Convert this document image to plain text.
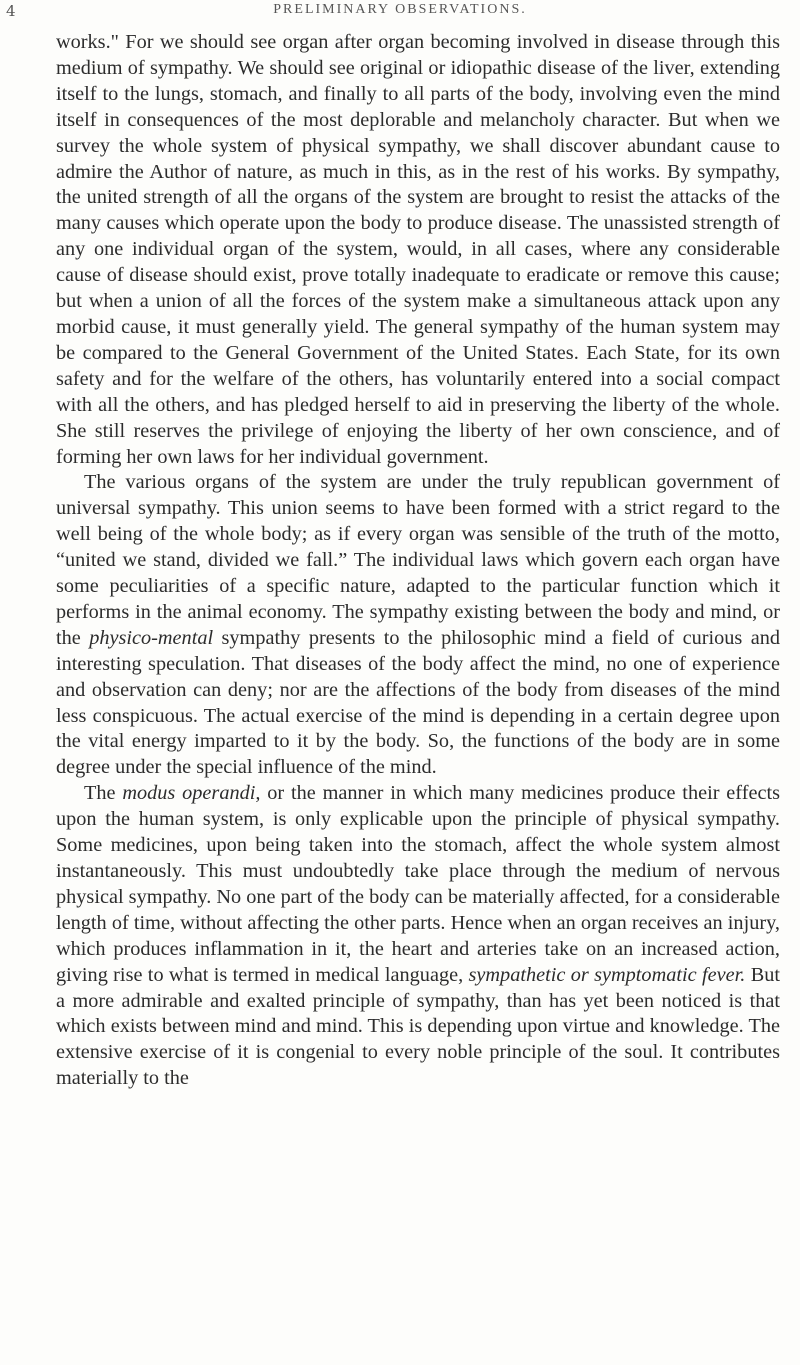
4	PRELIMINARY OBSERVATIONS.

works." For we should see organ after organ becoming involved in disease through this medium of sympathy. We should see original or idiopathic disease of the liver, extending itself to the lungs, stomach, and finally to all parts of the body, involving even the mind itself in consequences of the most deplorable and melancholy character. But when we survey the whole system of physical sympathy, we shall discover abundant cause to admire the Author of nature, as much in this, as in the rest of his works. By sympathy, the united strength of all the organs of the system are brought to resist the attacks of the many causes which operate upon the body to produce disease. The unassisted strength of any one individual organ of the system, would, in all cases, where any considerable cause of disease should exist, prove totally inadequate to eradicate or remove this cause; but when a union of all the forces of the system make a simultaneous attack upon any morbid cause, it must generally yield. The general sympathy of the human system may be compared to the General Government of the United States. Each State, for its own safety and for the welfare of the others, has voluntarily entered into a social compact with all the others, and has pledged herself to aid in preserving the liberty of the whole. She still reserves the privilege of enjoying the liberty of her own conscience, and of forming her own laws for her individual government.

The various organs of the system are under the truly republican government of universal sympathy. This union seems to have been formed with a strict regard to the well being of the whole body; as if every organ was sensible of the truth of the motto, “united we stand, divided we fall.” The individual laws which govern each organ have some peculiarities of a specific nature, adapted to the particular function which it performs in the animal economy. The sympathy existing between the body and mind, or the physico-mental sympathy presents to the philosophic mind a field of curious and interesting speculation. That diseases of the body affect the mind, no one of experience and observation can deny; nor are the affections of the body from diseases of the mind less conspicuous. The actual exercise of the mind is depending in a certain degree upon the vital energy imparted to it by the body. So, the functions of the body are in some degree under the special influence of the mind.

The modus operandi, or the manner in which many medicines produce their effects upon the human system, is only explicable upon the principle of physical sympathy. Some medicines, upon being taken into the stomach, affect the whole system almost instantaneously. This must undoubtedly take place through the medium of nervous physical sympathy. No one part of the body can be materially affected, for a considerable length of time, without affecting the other parts. Hence when an organ receives an injury, which produces inflammation in it, the heart and arteries take on an increased action, giving rise to what is termed in medical language, sympathetic or symptomatic fever. But a more admirable and exalted principle of sympathy, than has yet been noticed is that which exists between mind and mind. This is depending upon virtue and knowledge. The extensive exercise of it is congenial to every noble principle of the soul. It contributes materially to the
